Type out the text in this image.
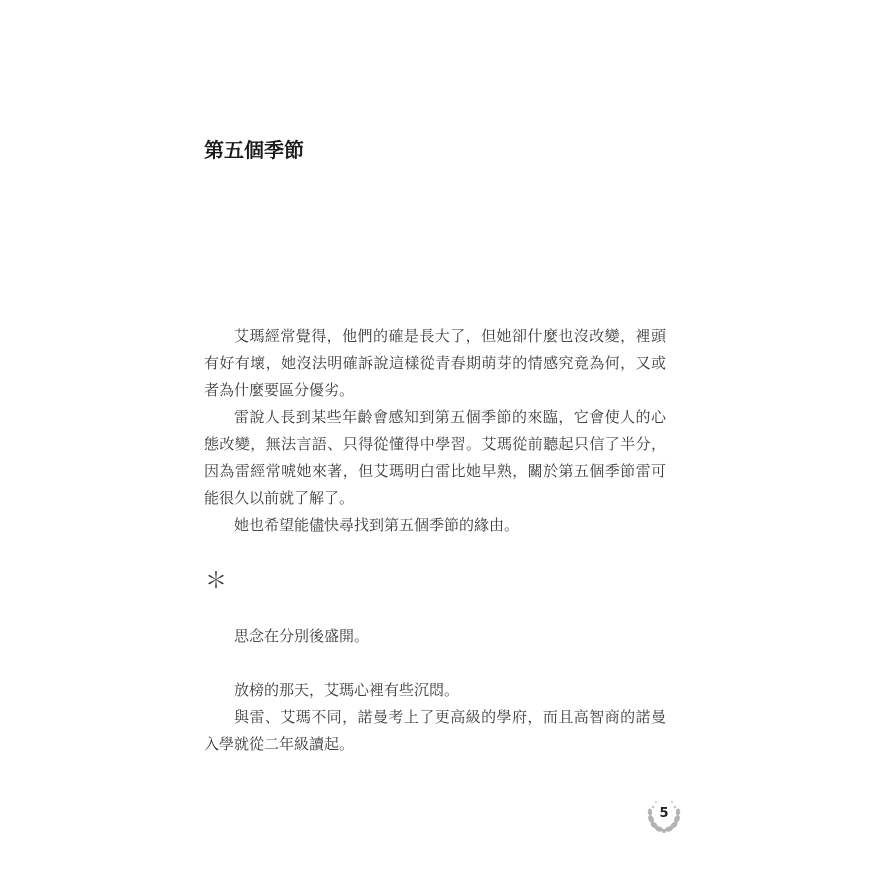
第五個季節

艾瑪經常覺得，他們的確是長大了，但她卻什麼也沒改變，裡頭有好有壞，她沒法明確訴說這樣從青春期萌芽的情感究竟為何，又或者為什麼要區分優劣。

雷說人長到某些年齡會感知到第五個季節的來臨，它會使人的心態改變，無法言語、只得從懂得中學習。艾瑪從前聽起只信了半分，因為雷經常唬她來著，但艾瑪明白雷比她早熟，關於第五個季節雷可能很久以前就了解了。

她也希望能儘快尋找到第五個季節的緣由。

＊

思念在分別後盛開。

放榜的那天，艾瑪心裡有些沉悶。

與雷、艾瑪不同，諾曼考上了更高級的學府，而且高智商的諾曼入學就從二年級讀起。

5
